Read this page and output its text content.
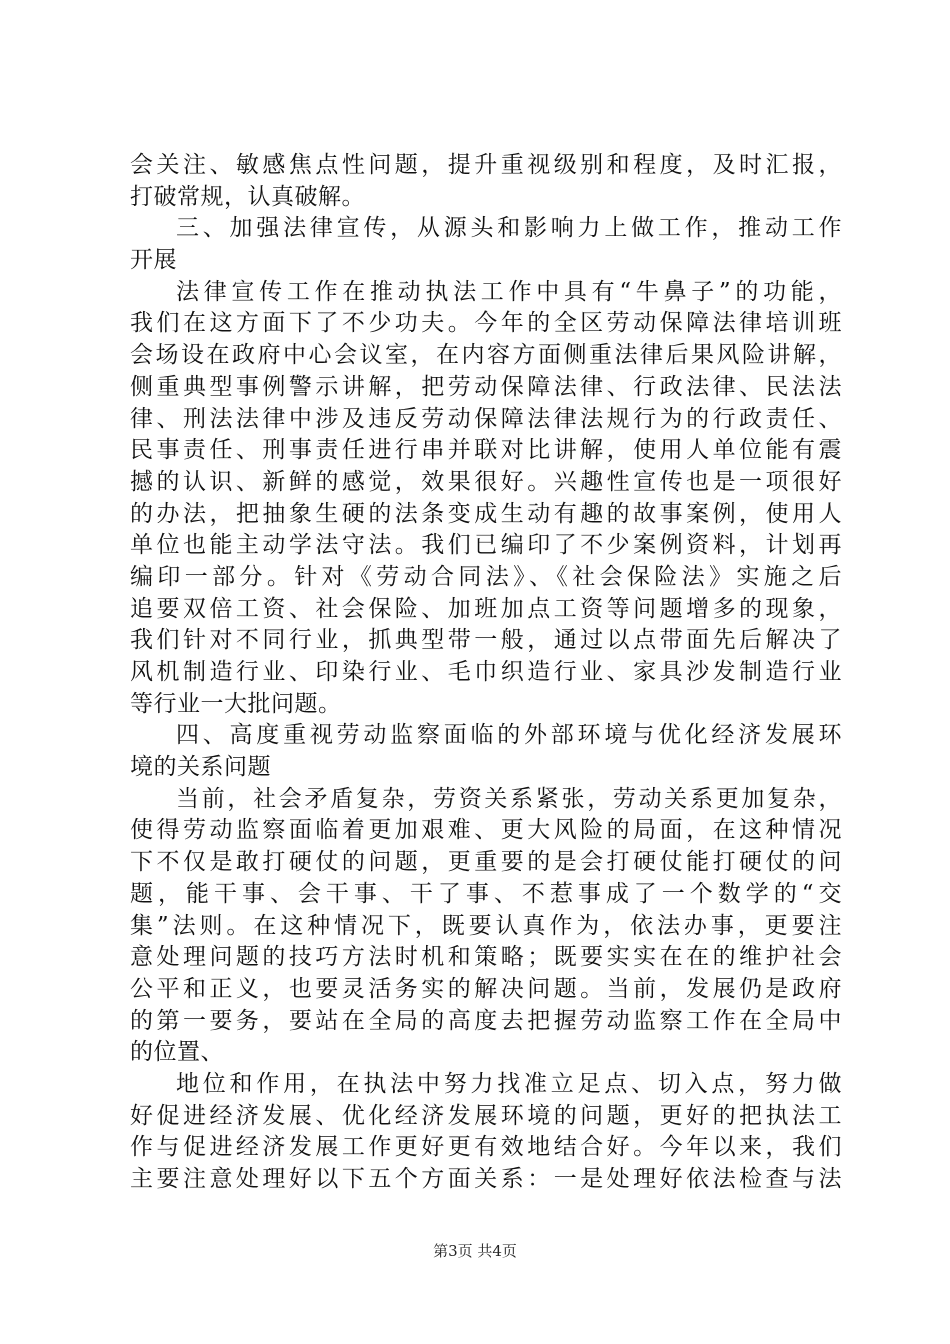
会关注、敏感焦点性问题，提升重视级别和程度，及时汇报，
打破常规，认真破解。
三、加强法律宣传，从源头和影响力上做工作，推动工作
开展
法律宣传工作在推动执法工作中具有“牛鼻子”的功能，
我们在这方面下了不少功夫。今年的全区劳动保障法律培训班
会场设在政府中心会议室，在内容方面侧重法律后果风险讲解，
侧重典型事例警示讲解，把劳动保障法律、行政法律、民法法
律、刑法法律中涉及违反劳动保障法律法规行为的行政责任、
民事责任、刑事责任进行串并联对比讲解，使用人单位能有震
撼的认识、新鲜的感觉，效果很好。兴趣性宣传也是一项很好
的办法，把抽象生硬的法条变成生动有趣的故事案例，使用人
单位也能主动学法守法。我们已编印了不少案例资料，计划再
编印一部分。针对《劳动合同法》、《社会保险法》实施之后
追要双倍工资、社会保险、加班加点工资等问题增多的现象，
我们针对不同行业，抓典型带一般，通过以点带面先后解决了
风机制造行业、印染行业、毛巾织造行业、家具沙发制造行业
等行业一大批问题。
四、高度重视劳动监察面临的外部环境与优化经济发展环
境的关系问题
当前，社会矛盾复杂，劳资关系紧张，劳动关系更加复杂，
使得劳动监察面临着更加艰难、更大风险的局面，在这种情况
下不仅是敢打硬仗的问题，更重要的是会打硬仗能打硬仗的问
题，能干事、会干事、干了事、不惹事成了一个数学的“交
集”法则。在这种情况下，既要认真作为，依法办事，更要注
意处理问题的技巧方法时机和策略；既要实实在在的维护社会
公平和正义，也要灵活务实的解决问题。当前，发展仍是政府
的第一要务，要站在全局的高度去把握劳动监察工作在全局中
的位置、
地位和作用，在执法中努力找准立足点、切入点，努力做
好促进经济发展、优化经济发展环境的问题，更好的把执法工
作与促进经济发展工作更好更有效地结合好。今年以来，我们
主要注意处理好以下五个方面关系：一是处理好依法检查与法
第3页 共4页
